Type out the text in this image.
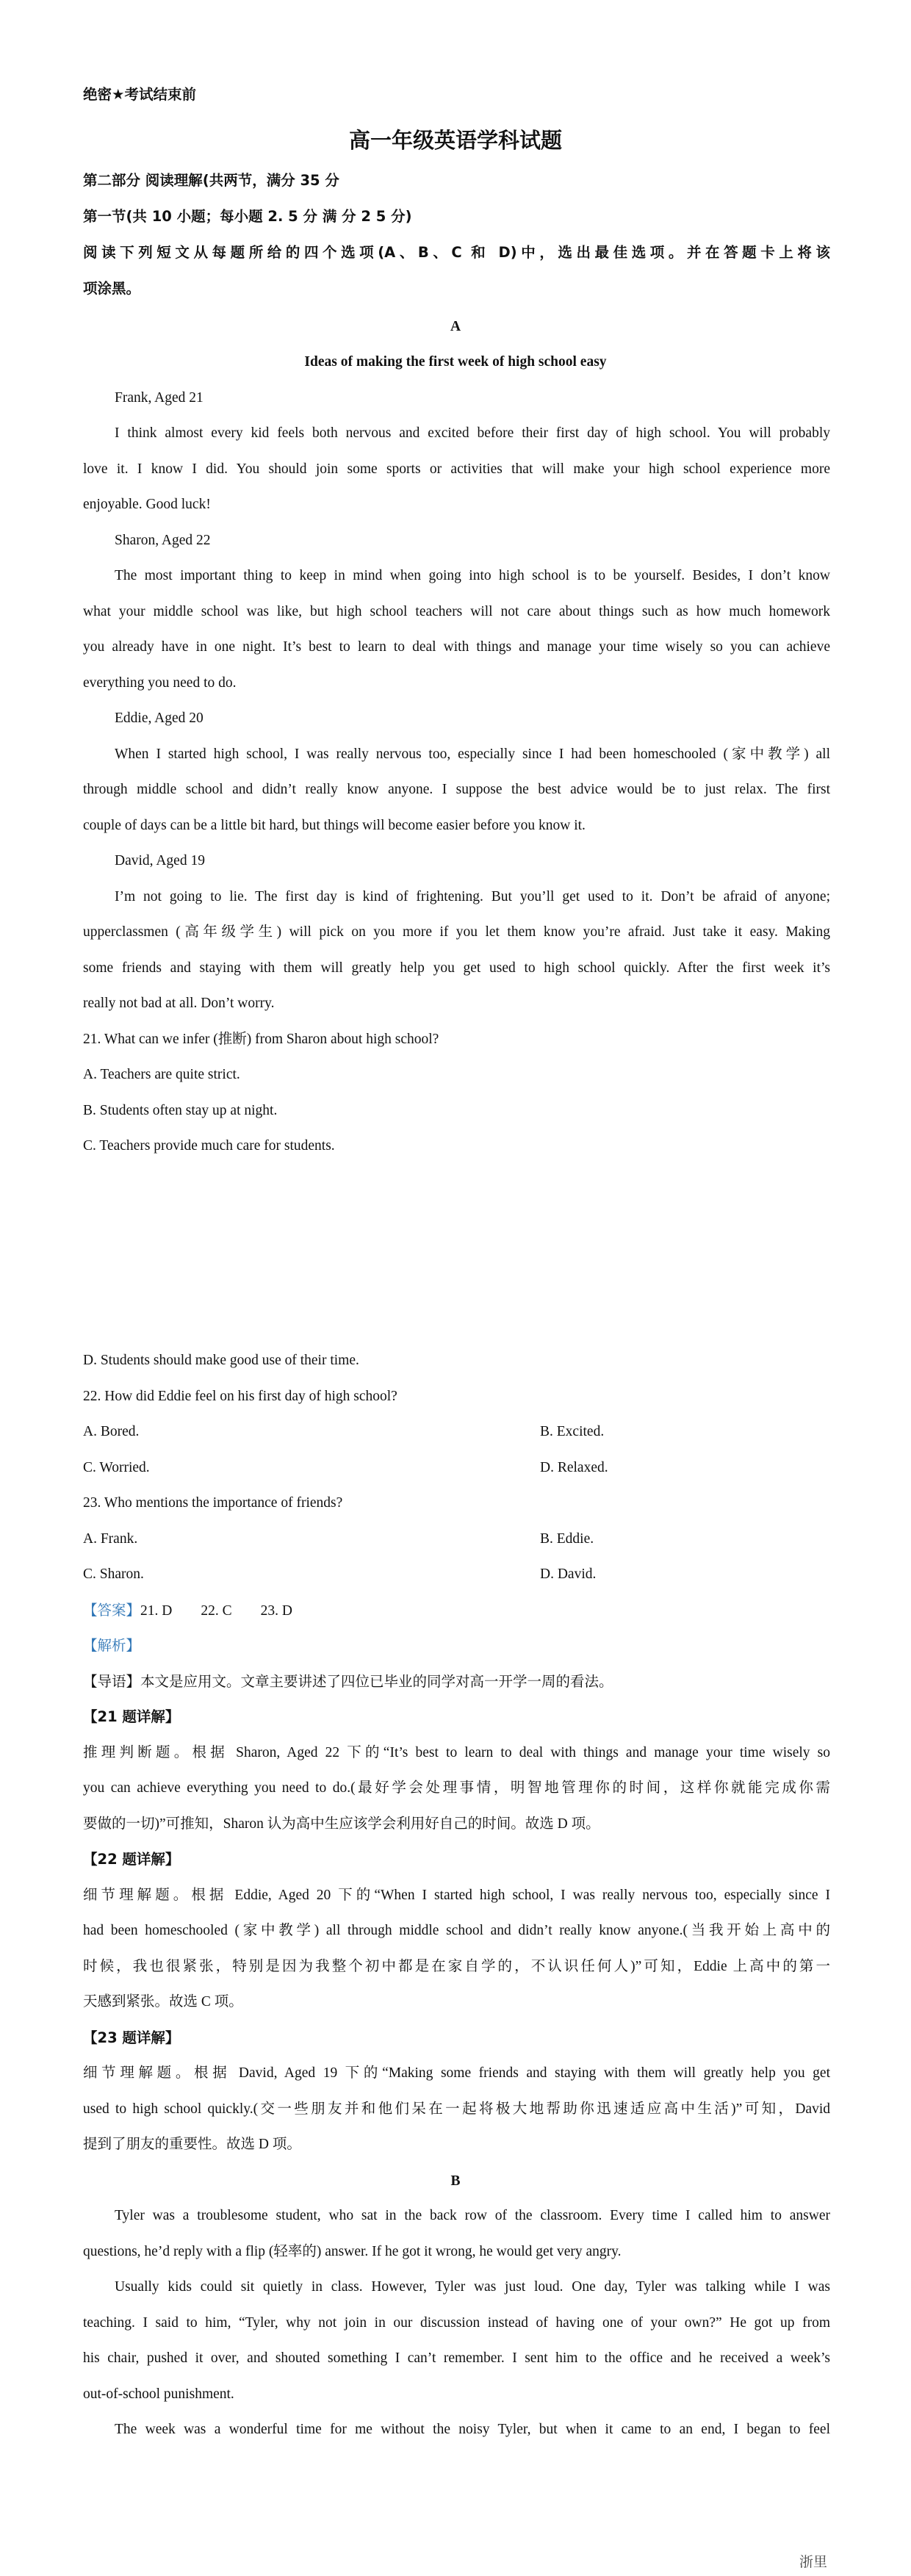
绝密★考试结束前
高一年级英语学科试题
第二部分 阅读理解(共两节，满分 35 分
第一节(共 10 小题；每小题 2. 5 分 满 分 2 5 分)
阅读下列短文从每题所给的四个选项(A、B、C 和 D)中，选出最佳选项。并在答题卡上将该
项涂黑。
A
Ideas of making the first week of high school easy
Frank, Aged 21
I think almost every kid feels both nervous and excited before their first day of high school. You will probably
love it. I know I did. You should join some sports or activities that will make your high school experience more
enjoyable. Good luck!
Sharon, Aged 22
The most important thing to keep in mind when going into high school is to be yourself. Besides, I don’t know
what your middle school was like, but high school teachers will not care about things such as how much homework
you already have in one night. It’s best to learn to deal with things and manage your time wisely so you can achieve
everything you need to do.
Eddie, Aged 20
When I started high school, I was really nervous too, especially since I had been homeschooled (家中教学) all
through middle school and didn’t really know anyone. I suppose the best advice would be to just relax. The first
couple of days can be a little bit hard, but things will become easier before you know it.
David, Aged 19
I’m not going to lie. The first day is kind of frightening. But you’ll get used to it. Don’t be afraid of anyone;
upperclassmen (高年级学生) will pick on you more if you let them know you’re afraid. Just take it easy. Making
some friends and staying with them will greatly help you get used to high school quickly. After the first week it’s
really not bad at all. Don’t worry.
21. What can we infer (推断) from Sharon about high school?
A. Teachers are quite strict.
B. Students often stay up at night.
C. Teachers provide much care for students.
D. Students should make good use of their time.
22. How did Eddie feel on his first day of high school?
A. Bored.	B. Excited.
C. Worried.	D. Relaxed.
23. Who mentions the importance of friends?
A. Frank.	B. Eddie.
C. Sharon.	D. David.
【答案】21. D        22. C        23. D
【解析】
【导语】本文是应用文。文章主要讲述了四位已毕业的同学对高一开学一周的看法。
【21 题详解】
推理判断题。根据 Sharon, Aged 22 下的“It’s best to learn to deal with things and manage your time wisely so
you can achieve everything you need to do.(最好学会处理事情，明智地管理你的时间，这样你就能完成你需
要做的一切)”可推知，Sharon 认为高中生应该学会利用好自己的时间。故选 D 项。
【22 题详解】
细节理解题。根据 Eddie, Aged 20 下的“When I started high school, I was really nervous too, especially since I
had been homeschooled (家中教学) all through middle school and didn’t really know anyone.(当我开始上高中的
时候，我也很紧张，特别是因为我整个初中都是在家自学的，不认识任何人)”可知，Eddie 上高中的第一
天感到紧张。故选 C 项。
【23 题详解】
细节理解题。根据 David, Aged 19 下的“Making some friends and staying with them will greatly help you get
used to high school quickly.(交一些朋友并和他们呆在一起将极大地帮助你迅速适应高中生活)”可知，David
提到了朋友的重要性。故选 D 项。
B
Tyler was a troublesome student, who sat in the back row of the classroom. Every time I called him to answer
questions, he’d reply with a flip (轻率的) answer. If he got it wrong, he would get very angry.
Usually kids could sit quietly in class. However, Tyler was just loud. One day, Tyler was talking while I was
teaching. I said to him, “Tyler, why not join in our discussion instead of having one of your own?” He got up from
his chair, pushed it over, and shouted something I can’t remember. I sent him to the office and he received a week’s
out-of-school punishment.
The week was a wonderful time for me without the noisy Tyler, but when it came to an end, I began to feel
浙里
